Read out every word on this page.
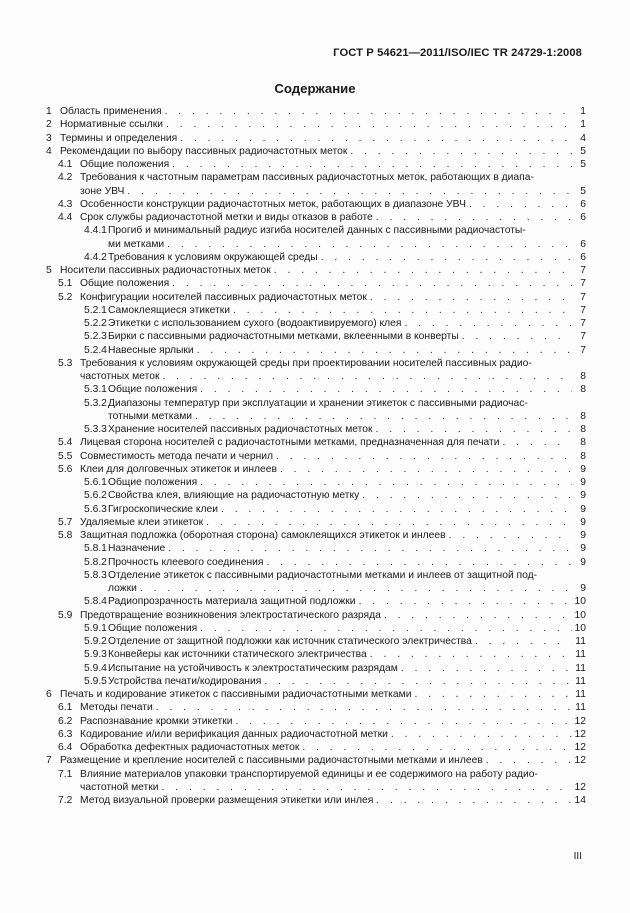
ГОСТ Р 54621—2011/ISO/IEC TR 24729-1:2008
Содержание
1 Область применения . . .	1
2 Нормативные ссылки . . .	1
3 Термины и определения . . .	4
4 Рекомендации по выбору пассивных радиочастотных меток . . .	5
4.1 Общие положения . . .	5
4.2 Требования к частотным параметрам пассивных радиочастотных меток, работающих в диапа-
зоне УВЧ . . .	5
4.3 Особенности конструкции радиочастотных меток, работающих в диапазоне УВЧ . . .	6
4.4 Срок службы радиочастотной метки и виды отказов в работе . . .	6
4.4.1 Прогиб и минимальный радиус изгиба носителей данных с пассивными радиочастоты-
ми метками . . .	6
4.4.2 Требования к условиям окружающей среды . . .	6
5 Носители пассивных радиочастотных меток . . .	7
5.1 Общие положения . . .	7
5.2 Конфигурации носителей пассивных радиочастотных меток . . .	7
5.2.1 Самоклеящиеся этикетки . . .	7
5.2.2 Этикетки с использованием сухого (водоактивируемого) клея . . .	7
5.2.3 Бирки с пассивными радиочастотными метками, вклеенными в конверты . . .	7
5.2.4 Навесные ярлыки . . .	7
5.3 Требования к условиям окружающей среды при проектировании носителей пассивных радио-
частотных меток . . .	8
5.3.1 Общие положения . . .	8
5.3.2 Диапазоны температур при эксплуатации и хранении этикеток с пассивными радиочас-
тотными метками . . .	8
5.3.3 Хранение носителей пассивных радиочастотных меток . . .	8
5.4 Лицевая сторона носителей с радиочастотными метками, предназначенная для печати . . .	8
5.5 Совместимость метода печати и чернил . . .	8
5.6 Клеи для долговечных этикеток и инлеев . . .	9
5.6.1 Общие положения . . .	9
5.6.2 Свойства клея, влияющие на радиочастотную метку . . .	9
5.6.3 Гигроскопические клеи . . .	9
5.7 Удаляемые клеи этикеток . . .	9
5.8 Защитная подложка (оборотная сторона) самоклеящихся этикеток и инлеев . . .	9
5.8.1 Назначение . . .	9
5.8.2 Прочность клеевого соединения . . .	9
5.8.3 Отделение этикеток с пассивными радиочастотными метками и инлеев от защитной под-
ложки . . .	9
5.8.4 Радиопрозрачность материала защитной подложки . . .	10
5.9 Предотвращение возникновения электростатического разряда . . .	10
5.9.1 Общие положения . . .	10
5.9.2 Отделение от защитной подложки как источник статического электричества . . .	11
5.9.3 Конвейеры как источники статического электричества . . .	11
5.9.4 Испытание на устойчивость к электростатическим разрядам . . .	11
5.9.5 Устройства печати/кодирования . . .	11
6 Печать и кодирование этикеток с пассивными радиочастотными метками . . .	11
6.1 Методы печати . . .	11
6.2 Распознавание кромки этикетки . . .	12
6.3 Кодирование и/или верификация данных радиочастотной метки . . .	12
6.4 Обработка дефектных радиочастотных меток . . .	12
7 Размещение и крепление носителей с пассивными радиочастотными метками и инлеев . . .	12
7.1 Влияние материалов упаковки транспортируемой единицы и ее содержимого на работу радио-
частотной метки . . .	12
7.2 Метод визуальной проверки размещения этикетки или инлея . . .	14
III
